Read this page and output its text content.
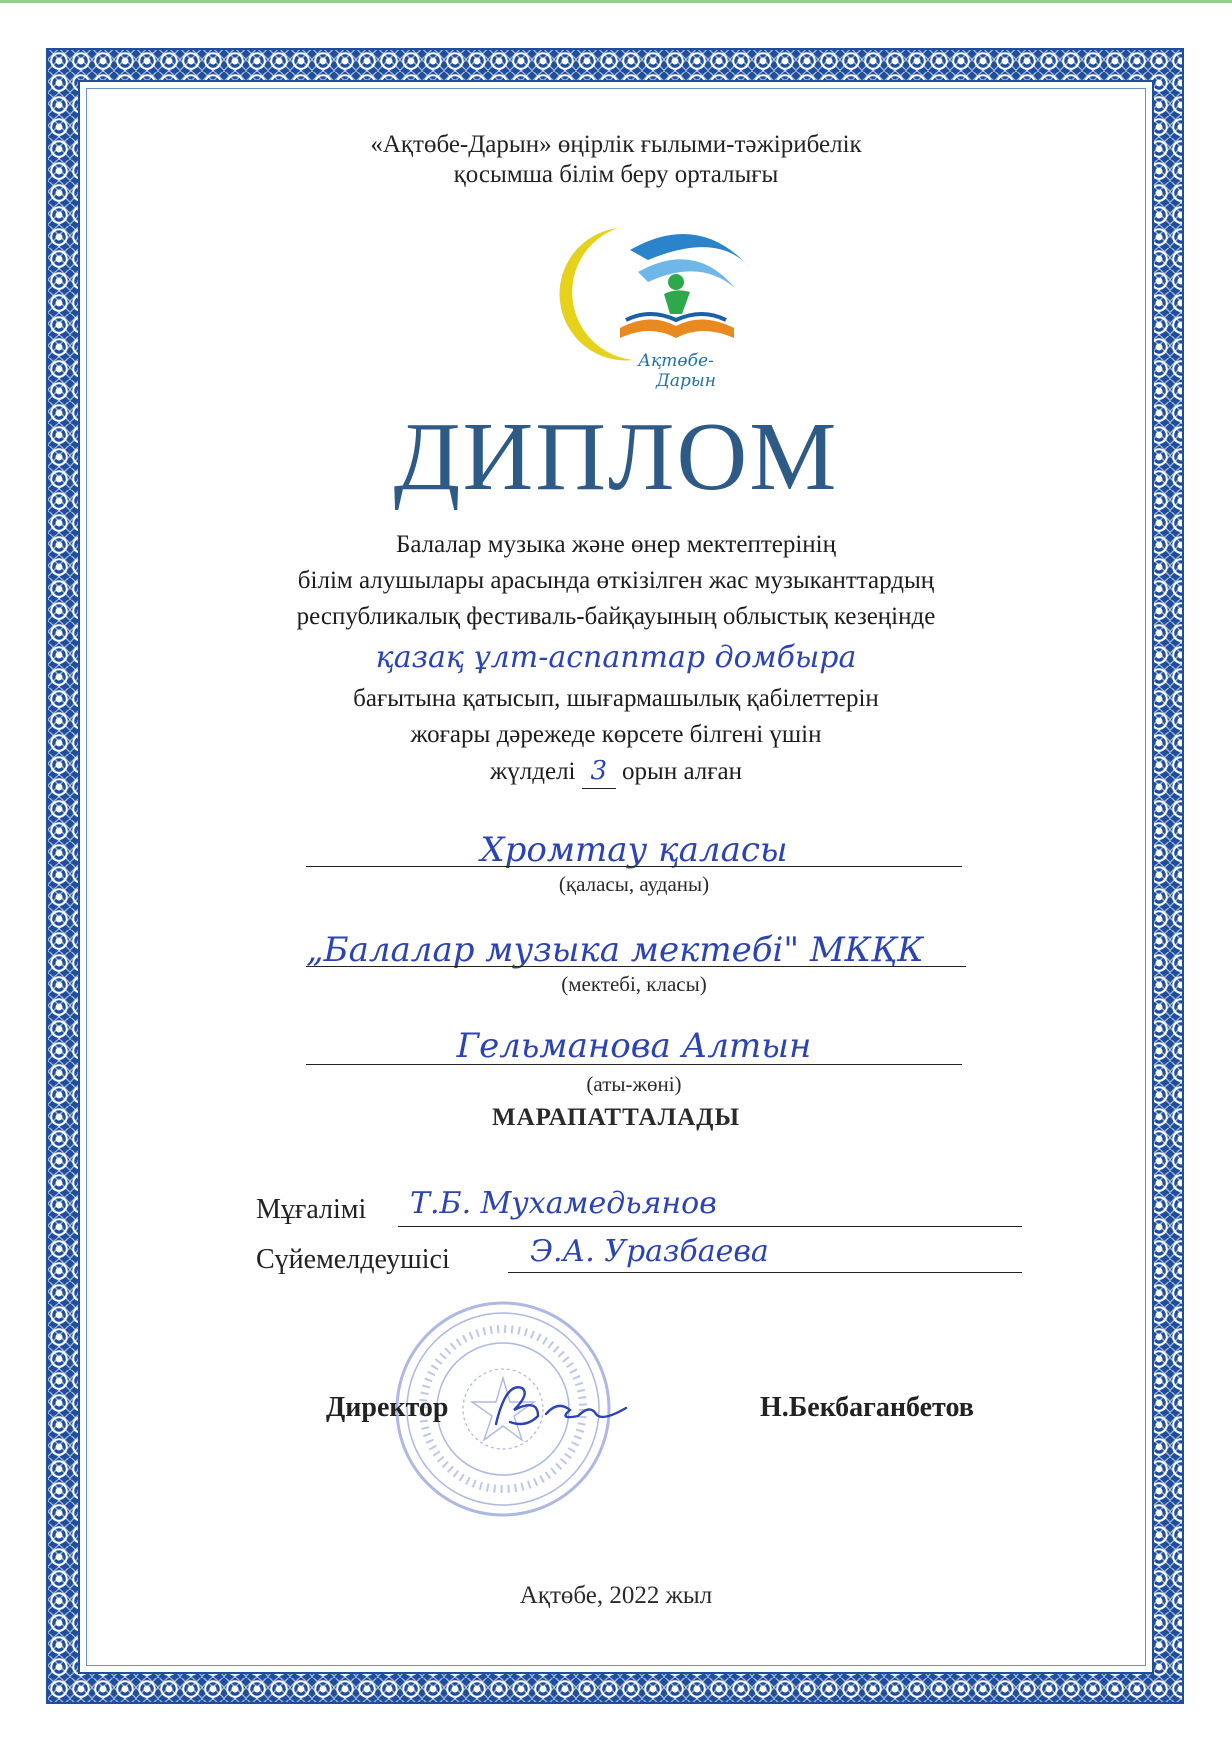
«Ақтөбе-Дарын» өңірлік ғылыми-тәжірибелік
қосымша білім беру орталығы
Ақтөбе-
Дарын
ДИПЛОМ
Балалар музыка және өнер мектептерінің
білім алушылары арасында өткізілген жас музыканттардың
республикалық фестиваль-байқауының облыстық кезеңінде
қазақ ұлт-аспаптар домбыра
бағытына қатысып, шығармашылық қабілеттерін
жоғары дәрежеде көрсете білгені үшін
жүлделі 3 орын алған
Хромтау қаласы
(қаласы, ауданы)
„Балалар музыка мектебі" МКҚК
(мектебі, класы)
Гельманова Алтын
(аты-жөні)
МАРАПАТТАЛАДЫ
Мұғалімі Т.Б. Мухамедьянов
Сүйемелдеушісі	Э.А. Уразбаева
Директор	Н.Бекбаганбетов
Ақтөбе, 2022 жыл
